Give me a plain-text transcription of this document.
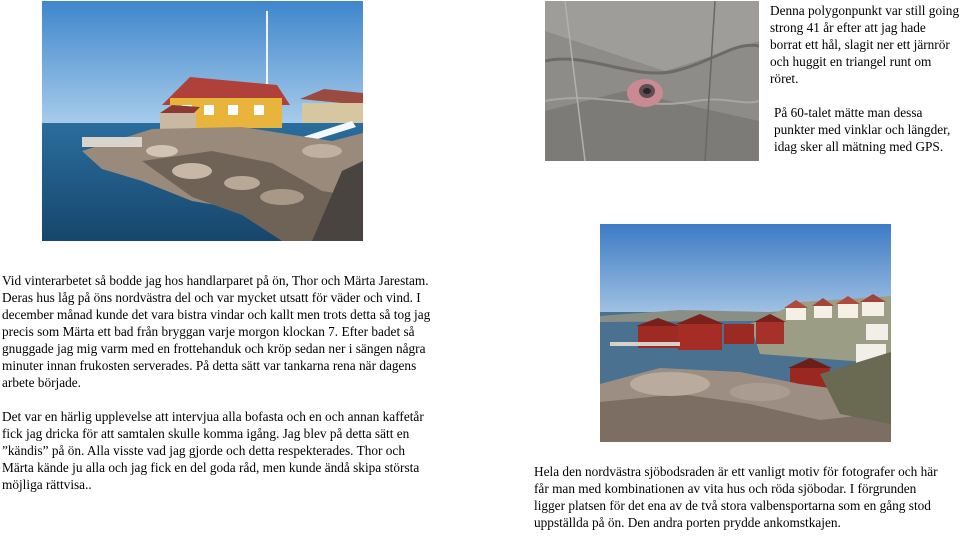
Denna polygonpunkt var still going strong 41 år efter att jag hade borrat ett hål, slagit ner ett järnrör och huggit en triangel runt om röret.

På 60-talet mätte man dessa punkter med vinklar och längder, idag sker all mätning med GPS.

Vid vinterarbetet så bodde jag hos handlarparet på ön, Thor och Märta Jarestam. Deras hus låg på öns nordvästra del och var mycket utsatt för väder och vind. I december månad kunde det vara bistra vindar och kallt men trots detta så tog jag precis som Märta ett bad från bryggan varje morgon klockan 7. Efter badet så gnuggade jag mig varm med en frottehanduk och kröp sedan ner i sängen några minuter innan frukosten serverades. På detta sätt var tankarna rena när dagens arbete började.

Det var en härlig upplevelse att intervjua alla bofasta och en och annan kaffetår fick jag dricka för att samtalen skulle komma igång. Jag blev på detta sätt en ”kändis” på ön. Alla visste vad jag gjorde och detta respekterades. Thor och Märta kände ju alla och jag fick en del goda råd, men kunde ändå skipa största möjliga rättvisa..

Hela den nordvästra sjöbodsraden är ett vanligt motiv för fotografer och här får man med kombinationen av vita hus och röda sjöbodar. I förgrunden ligger platsen för det ena av de två stora valbensportarna som en gång stod uppställda på ön. Den andra porten prydde ankomstkajen.
